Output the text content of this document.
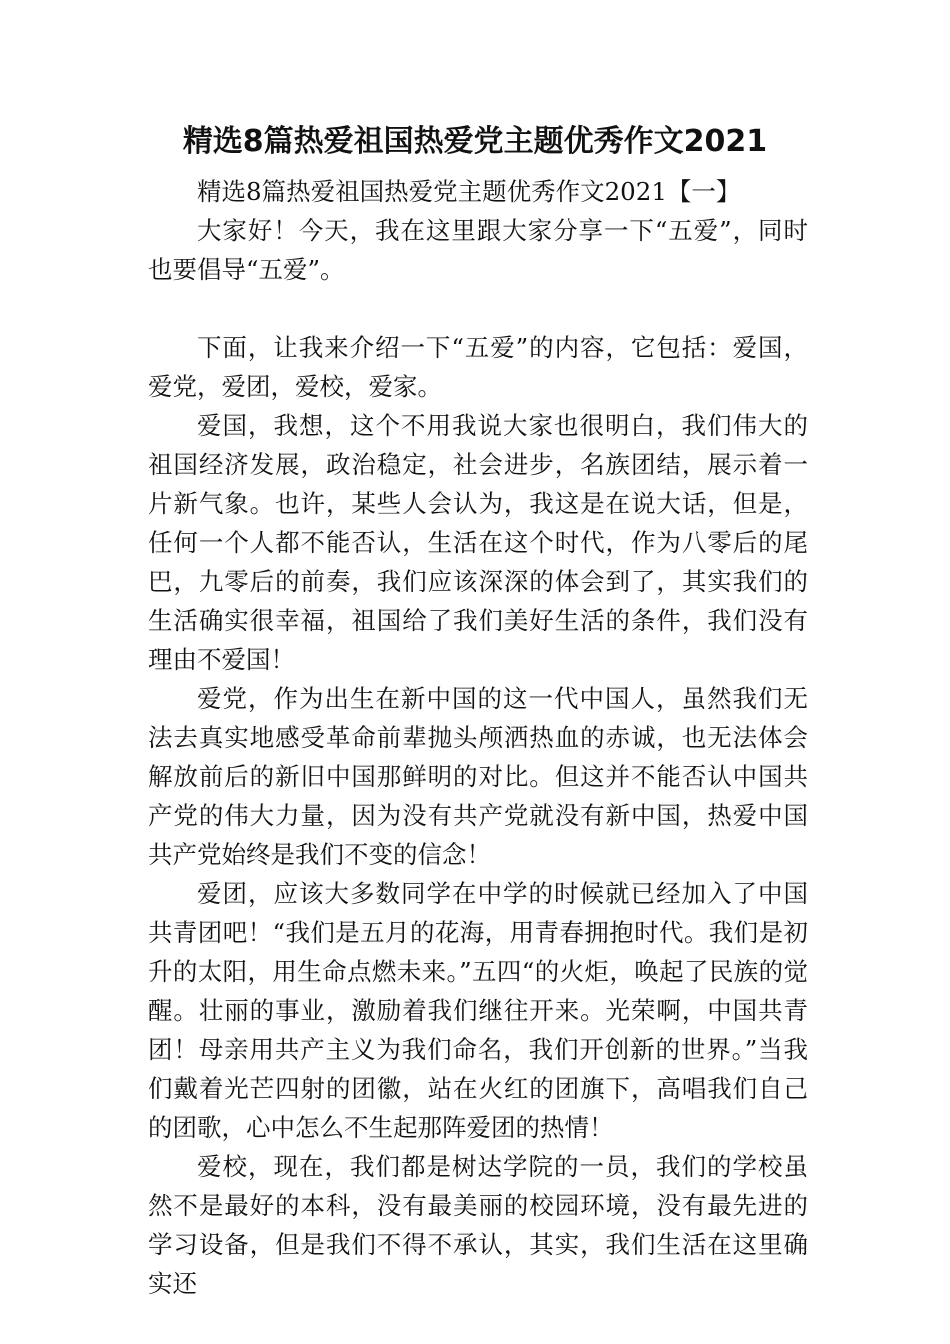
精选8篇热爱祖国热爱党主题优秀作文2021

精选8篇热爱祖国热爱党主题优秀作文2021【一】

大家好！今天，我在这里跟大家分享一下“五爱”，同时也要倡导“五爱”。

下面，让我来介绍一下“五爱”的内容，它包括：爱国，爱党，爱团，爱校，爱家。

爱国，我想，这个不用我说大家也很明白，我们伟大的祖国经济发展，政治稳定，社会进步，名族团结，展示着一片新气象。也许，某些人会认为，我这是在说大话，但是，任何一个人都不能否认，生活在这个时代，作为八零后的尾巴，九零后的前奏，我们应该深深的体会到了，其实我们的生活确实很幸福，祖国给了我们美好生活的条件，我们没有理由不爱国！

爱党，作为出生在新中国的这一代中国人，虽然我们无法去真实地感受革命前辈抛头颅洒热血的赤诚，也无法体会解放前后的新旧中国那鲜明的对比。但这并不能否认中国共产党的伟大力量，因为没有共产党就没有新中国，热爱中国共产党始终是我们不变的信念！

爱团，应该大多数同学在中学的时候就已经加入了中国共青团吧！“我们是五月的花海，用青春拥抱时代。我们是初升的太阳，用生命点燃未来。”五四“的火炬，唤起了民族的觉醒。壮丽的事业，激励着我们继往开来。光荣啊，中国共青团！母亲用共产主义为我们命名，我们开创新的世界。”当我们戴着光芒四射的团徽，站在火红的团旗下，高唱我们自己的团歌，心中怎么不生起那阵爱团的热情！

爱校，现在，我们都是树达学院的一员，我们的学校虽然不是最好的本科，没有最美丽的校园环境，没有最先进的学习设备，但是我们不得不承认，其实，我们生活在这里确实还
